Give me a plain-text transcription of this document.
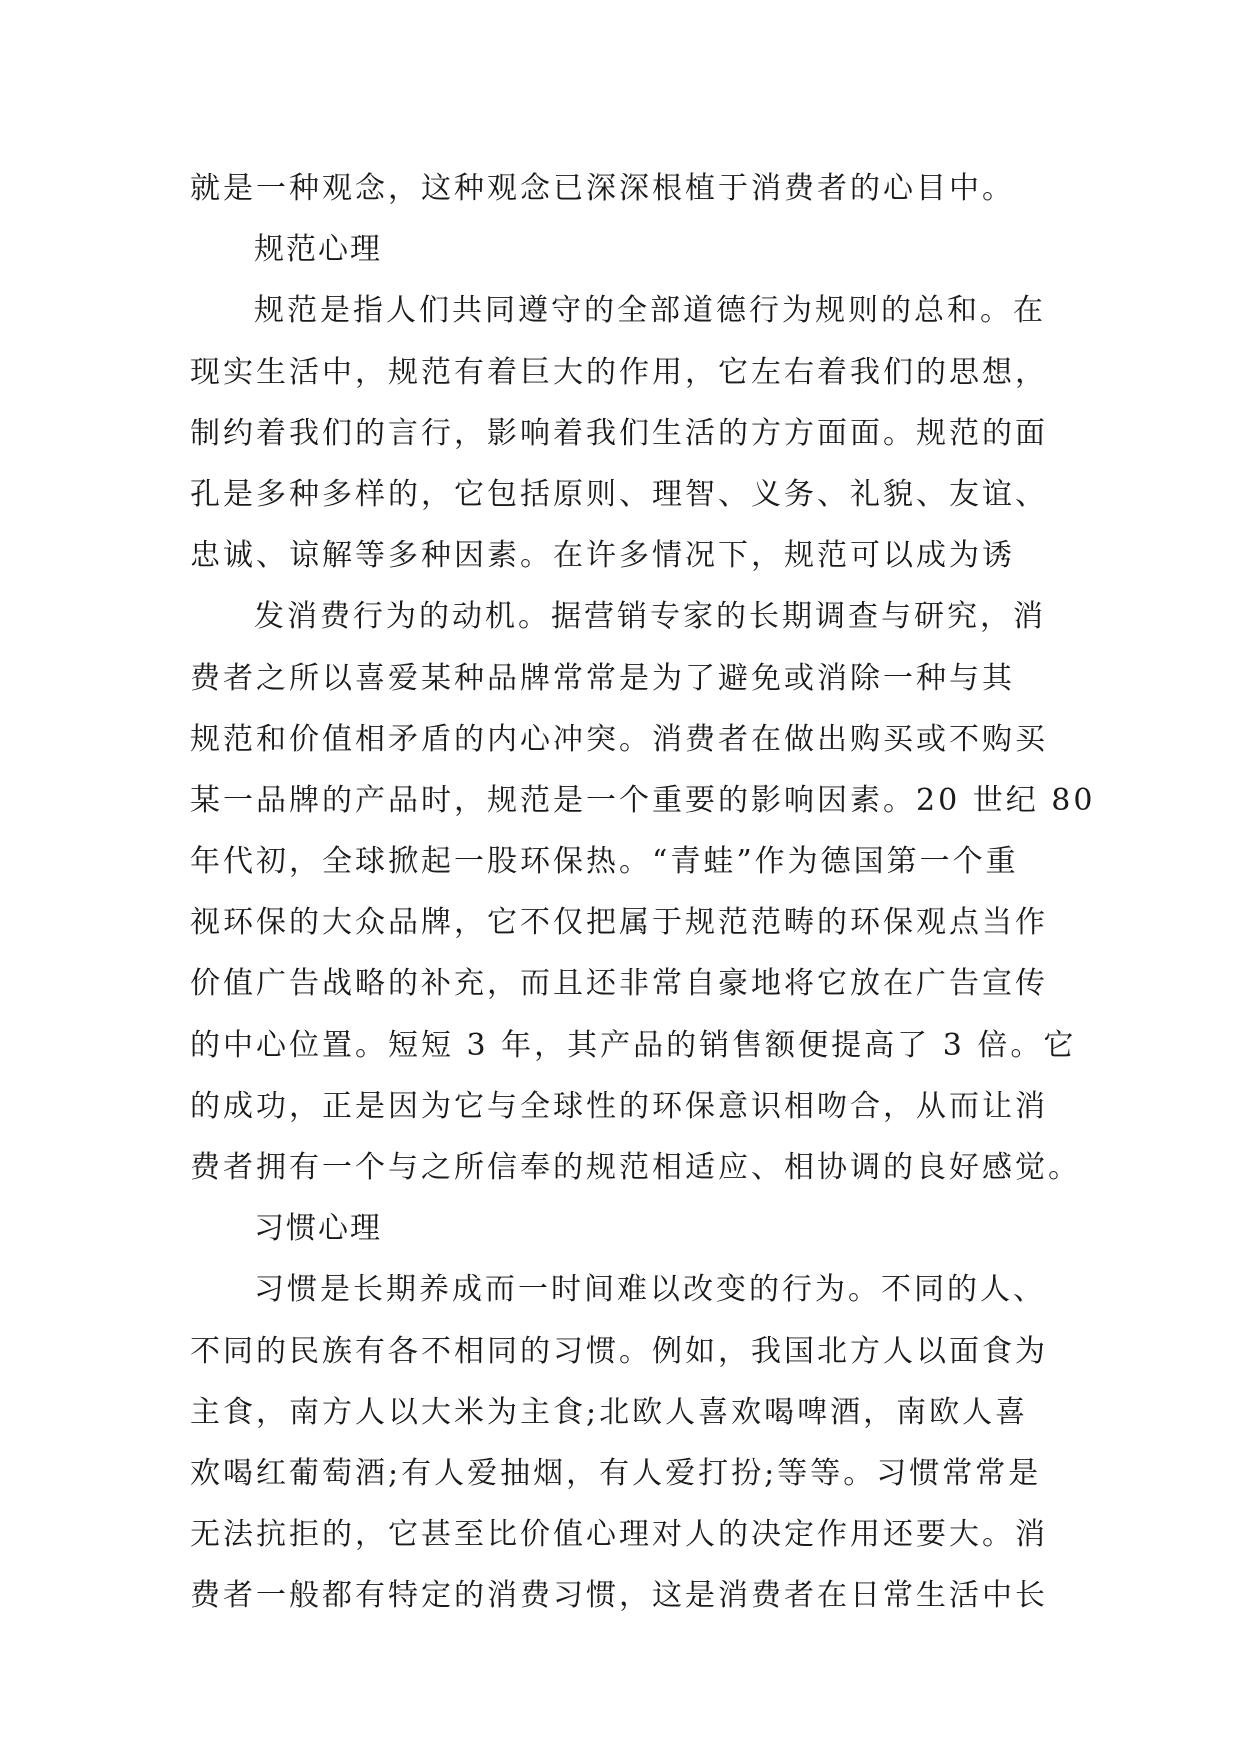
就是一种观念，这种观念已深深根植于消费者的心目中。
规范心理
规范是指人们共同遵守的全部道德行为规则的总和。在
现实生活中，规范有着巨大的作用，它左右着我们的思想，
制约着我们的言行，影响着我们生活的方方面面。规范的面
孔是多种多样的，它包括原则、理智、义务、礼貌、友谊、
忠诚、谅解等多种因素。在许多情况下，规范可以成为诱
发消费行为的动机。据营销专家的长期调查与研究，消
费者之所以喜爱某种品牌常常是为了避免或消除一种与其
规范和价值相矛盾的内心冲突。消费者在做出购买或不购买
某一品牌的产品时，规范是一个重要的影响因素。20 世纪 80
年代初，全球掀起一股环保热。“青蛙”作为德国第一个重
视环保的大众品牌，它不仅把属于规范范畴的环保观点当作
价值广告战略的补充，而且还非常自豪地将它放在广告宣传
的中心位置。短短 3 年，其产品的销售额便提高了 3 倍。它
的成功，正是因为它与全球性的环保意识相吻合，从而让消
费者拥有一个与之所信奉的规范相适应、相协调的良好感觉。
习惯心理
习惯是长期养成而一时间难以改变的行为。不同的人、
不同的民族有各不相同的习惯。例如，我国北方人以面食为
主食，南方人以大米为主食;北欧人喜欢喝啤酒，南欧人喜
欢喝红葡萄酒;有人爱抽烟，有人爱打扮;等等。习惯常常是
无法抗拒的，它甚至比价值心理对人的决定作用还要大。消
费者一般都有特定的消费习惯，这是消费者在日常生活中长
